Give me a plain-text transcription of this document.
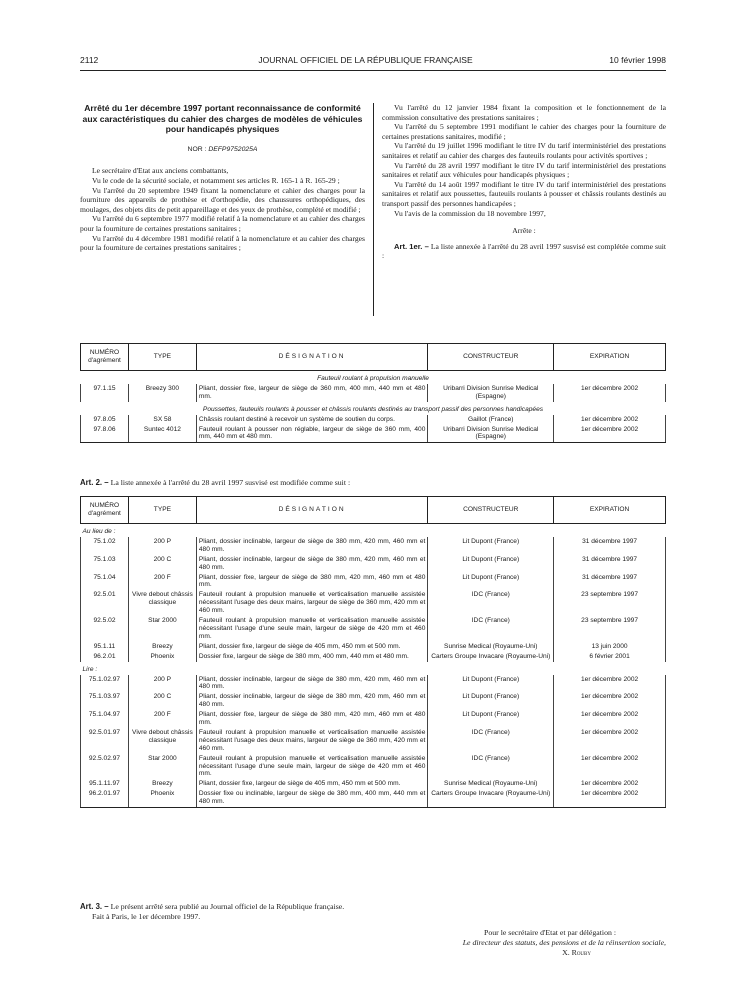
2112	JOURNAL OFFICIEL DE LA RÉPUBLIQUE FRANÇAISE	10 février 1998
Arrêté du 1er décembre 1997 portant reconnaissance de conformité aux caractéristiques du cahier des charges de modèles de véhicules pour handicapés physiques
NOR : DEFP9752025A

Le secrétaire d'Etat aux anciens combattants,

Vu le code de la sécurité sociale, et notamment ses articles R. 165-1 à R. 165-29 ;

Vu l'arrêté du 20 septembre 1949 fixant la nomenclature et cahier des charges pour la fourniture des appareils de prothèse et d'orthopédie, des chaussures orthopédiques, des moulages, des objets dits de petit appareillage et des yeux de prothèse, complété et modifié ;

Vu l'arrêté du 6 septembre 1977 modifié relatif à la nomenclature et au cahier des charges pour la fourniture de certaines prestations sanitaires ;

Vu l'arrêté du 4 décembre 1981 modifié relatif à la nomenclature et au cahier des charges pour la fourniture de certaines prestations sanitaires ;

Vu l'arrêté du 12 janvier 1984 fixant la composition et le fonctionnement de la commission consultative des prestations sanitaires ;

Vu l'arrêté du 5 septembre 1991 modifiant le cahier des charges pour la fourniture de certaines prestations sanitaires, modifié ;

Vu l'arrêté du 19 juillet 1996 modifiant le titre IV du tarif interministériel des prestations sanitaires et relatif au cahier des charges des fauteuils roulants pour activités sportives ;

Vu l'arrêté du 28 avril 1997 modifiant le titre IV du tarif interministériel des prestations sanitaires et relatif aux véhicules pour handicapés physiques ;

Vu l'arrêté du 14 août 1997 modifiant le titre IV du tarif interministériel des prestations sanitaires et relatif aux poussettes, fauteuils roulants à pousser et châssis roulants destinés au transport passif des personnes handicapées ;

Vu l'avis de la commission du 18 novembre 1997,

Arrête :

Art. 1er. – La liste annexée à l'arrêté du 28 avril 1997 susvisé est complétée comme suit :

NUMÉRO d'agrément	TYPE	DÉSIGNATION	CONSTRUCTEUR	EXPIRATION
Fauteuil roulant à propulsion manuelle				
97.1.15	Breezy 300	Pliant, dossier fixe, largeur de siège de 360 mm, 400 mm, 440 mm et 480 mm.	Uribarri Division Sunrise Medical (Espagne)	1er décembre 2002
Poussettes, fauteuils roulants à pousser et châssis roulants destinés au transport passif des personnes handicapées				
97.8.05	SX 58	Châssis roulant destiné à recevoir un système de soutien du corps.	Gaillot (France)	1er décembre 2002
97.8.06	Suntec 4012	Fauteuil roulant à pousser non réglable, largeur de siège de 360 mm, 400 mm, 440 mm et 480 mm.	Uribarri Division Sunrise Medical (Espagne)	1er décembre 2002
Art. 2. – La liste annexée à l'arrêté du 28 avril 1997 susvisé est modifiée comme suit :
NUMÉRO d'agrément	TYPE	DÉSIGNATION	CONSTRUCTEUR	EXPIRATION
Au lieu de :				
75.1.02	200 P	Pliant, dossier inclinable, largeur de siège de 380 mm, 420 mm, 460 mm et 480 mm.	Lit Dupont (France)	31 décembre 1997
75.1.03	200 C	Pliant, dossier inclinable, largeur de siège de 380 mm, 420 mm, 460 mm et 480 mm.	Lit Dupont (France)	31 décembre 1997
75.1.04	200 F	Pliant, dossier fixe, largeur de siège de 380 mm, 420 mm, 460 mm et 480 mm.	Lit Dupont (France)	31 décembre 1997
92.5.01	Vivre debout châssis classique	Fauteuil roulant à propulsion manuelle et verticalisation manuelle assistée nécessitant l'usage des deux mains, largeur de siège de 360 mm, 420 mm et 460 mm.	IDC (France)	23 septembre 1997
92.5.02	Star 2000	Fauteuil roulant à propulsion manuelle et verticalisation manuelle assistée nécessitant l'usage d'une seule main, largeur de siège de 420 mm et 460 mm.	IDC (France)	23 septembre 1997
95.1.11	Breezy	Pliant, dossier fixe, largeur de siège de 405 mm, 450 mm et 500 mm.	Sunrise Medical (Royaume-Uni)	13 juin 2000
96.2.01	Phoenix	Dossier fixe, largeur de siège de 380 mm, 400 mm, 440 mm et 480 mm.	Carters Groupe Invacare (Royaume-Uni)	6 février 2001
Lire :				
75.1.02.97	200 P	Pliant, dossier inclinable, largeur de siège de 380 mm, 420 mm, 460 mm et 480 mm.	Lit Dupont (France)	1er décembre 2002
75.1.03.97	200 C	Pliant, dossier inclinable, largeur de siège de 380 mm, 420 mm, 460 mm et 480 mm.	Lit Dupont (France)	1er décembre 2002
75.1.04.97	200 F	Pliant, dossier fixe, largeur de siège de 380 mm, 420 mm, 460 mm et 480 mm.	Lit Dupont (France)	1er décembre 2002
92.5.01.97	Vivre debout châssis classique	Fauteuil roulant à propulsion manuelle et verticalisation manuelle assistée nécessitant l'usage des deux mains, largeur de siège de 360 mm, 420 mm et 460 mm.	IDC (France)	1er décembre 2002
92.5.02.97	Star 2000	Fauteuil roulant à propulsion manuelle et verticalisation manuelle assistée nécessitant l'usage d'une seule main, largeur de siège de 420 mm et 460 mm.	IDC (France)	1er décembre 2002
95.1.11.97	Breezy	Pliant, dossier fixe, largeur de siège de 405 mm, 450 mm et 500 mm.	Sunrise Medical (Royaume-Uni)	1er décembre 2002
96.2.01.97	Phoenix	Dossier fixe ou inclinable, largeur de siège de 380 mm, 400 mm, 440 mm et 480 mm.	Carters Groupe Invacare (Royaume-Uni)	1er décembre 2002

Art. 3. – Le présent arrêté sera publié au Journal officiel de la République française.

Fait à Paris, le 1er décembre 1997.

Pour le secrétaire d'Etat et par délégation :
Le directeur des statuts, des pensions et de la réinsertion sociale,
X. Rouby
